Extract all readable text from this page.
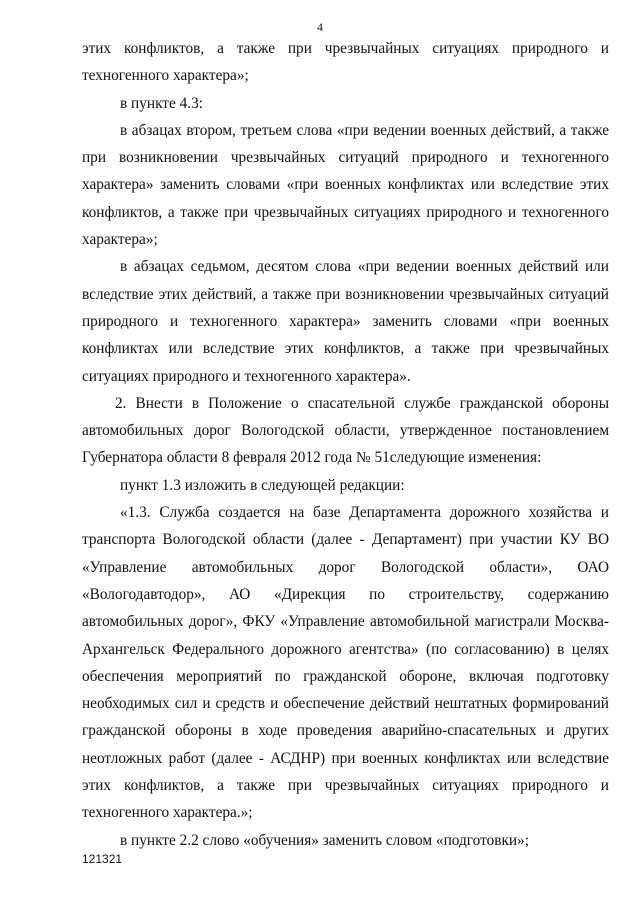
4

этих конфликтов, а также при чрезвычайных ситуациях природного и техногенного характера»;

в пункте 4.3:

в абзацах втором, третьем слова «при ведении военных действий, а также при возникновении чрезвычайных ситуаций природного и техногенного характера» заменить словами «при военных конфликтах или вследствие этих конфликтов, а также при чрезвычайных ситуациях природного и техногенного характера»;

в абзацах седьмом, десятом слова «при ведении военных действий или вследствие этих действий, а также при возникновении чрезвычайных ситуаций природного и техногенного характера» заменить словами «при военных конфликтах или вследствие этих конфликтов, а также при чрезвычайных ситуациях природного и техногенного характера».

2. Внести в Положение о спасательной службе гражданской обороны автомобильных дорог Вологодской области, утвержденное постановлением Губернатора области 8 февраля 2012 года № 51следующие изменения:

пункт 1.3 изложить в следующей редакции:

«1.3. Служба создается на базе Департамента дорожного хозяйства и транспорта Вологодской области (далее - Департамент) при участии КУ ВО «Управление автомобильных дорог Вологодской области», ОАО «Вологодавтодор», АО «Дирекция по строительству, содержанию автомобильных дорог», ФКУ «Управление автомобильной магистрали Москва-Архангельск Федерального дорожного агентства» (по согласованию) в целях обеспечения мероприятий по гражданской обороне, включая подготовку необходимых сил и средств и обеспечение действий нештатных формирований гражданской обороны в ходе проведения аварийно-спасательных и других неотложных работ (далее - АСДНР) при военных конфликтах или вследствие этих конфликтов, а также при чрезвычайных ситуациях природного и техногенного характера.»;

в пункте 2.2 слово «обучения» заменить словом «подготовки»;

121321
